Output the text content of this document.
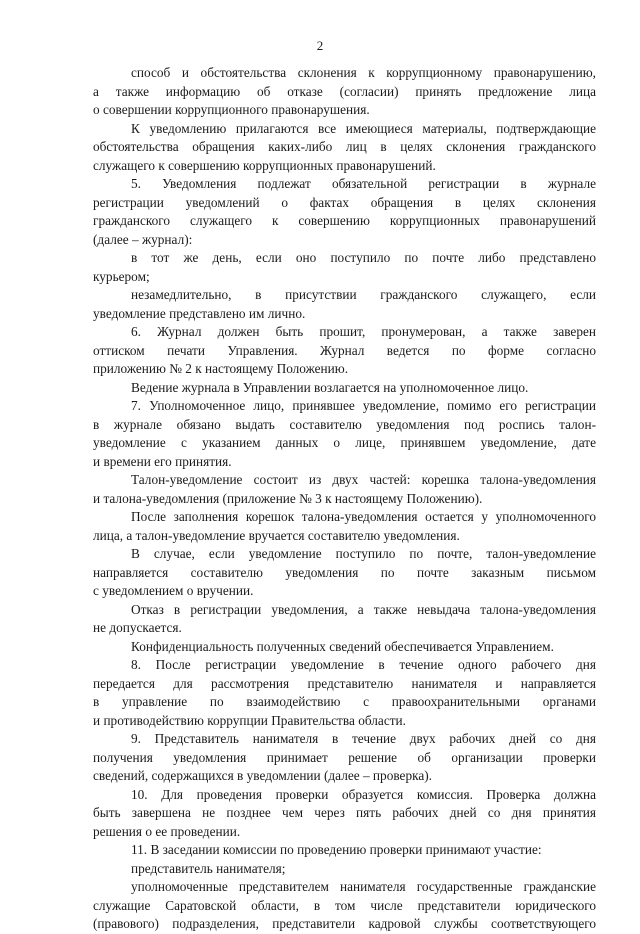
2
способ и обстоятельства склонения к коррупционному правонарушению,
а также информацию об отказе (согласии) принять предложение лица
о совершении коррупционного правонарушения.
К уведомлению прилагаются все имеющиеся материалы, подтверждающие
обстоятельства обращения каких-либо лиц в целях склонения гражданского
служащего к совершению коррупционных правонарушений.
5. Уведомления подлежат обязательной регистрации в журнале
регистрации уведомлений о фактах обращения в целях склонения
гражданского служащего к совершению коррупционных правонарушений
(далее – журнал):
в тот же день, если оно поступило по почте либо представлено
курьером;
незамедлительно, в присутствии гражданского служащего, если
уведомление представлено им лично.
6. Журнал должен быть прошит, пронумерован, а также заверен
оттиском печати Управления. Журнал ведется по форме согласно
приложению № 2 к настоящему Положению.
Ведение журнала в Управлении возлагается на уполномоченное лицо.
7. Уполномоченное лицо, принявшее уведомление, помимо его регистрации
в журнале обязано выдать составителю уведомления под роспись талон-
уведомление с указанием данных о лице, принявшем уведомление, дате
и времени его принятия.
Талон-уведомление состоит из двух частей: корешка талона-уведомления
и талона-уведомления (приложение № 3 к настоящему Положению).
После заполнения корешок талона-уведомления остается у уполномоченного
лица, а талон-уведомление вручается составителю уведомления.
В случае, если уведомление поступило по почте, талон-уведомление
направляется составителю уведомления по почте заказным письмом
с уведомлением о вручении.
Отказ в регистрации уведомления, а также невыдача талона-уведомления
не допускается.
Конфиденциальность полученных сведений обеспечивается Управлением.
8. После регистрации уведомление в течение одного рабочего дня
передается для рассмотрения представителю нанимателя и направляется
в управление по взаимодействию с правоохранительными органами
и противодействию коррупции Правительства области.
9. Представитель нанимателя в течение двух рабочих дней со дня
получения уведомления принимает решение об организации проверки
сведений, содержащихся в уведомлении (далее – проверка).
10. Для проведения проверки образуется комиссия. Проверка должна
быть завершена не позднее чем через пять рабочих дней со дня принятия
решения о ее проведении.
11. В заседании комиссии по проведению проверки принимают участие:
представитель нанимателя;
уполномоченные представителем нанимателя государственные гражданские
служащие Саратовской области, в том числе представители юридического
(правового) подразделения, представители кадровой службы соответствующего
